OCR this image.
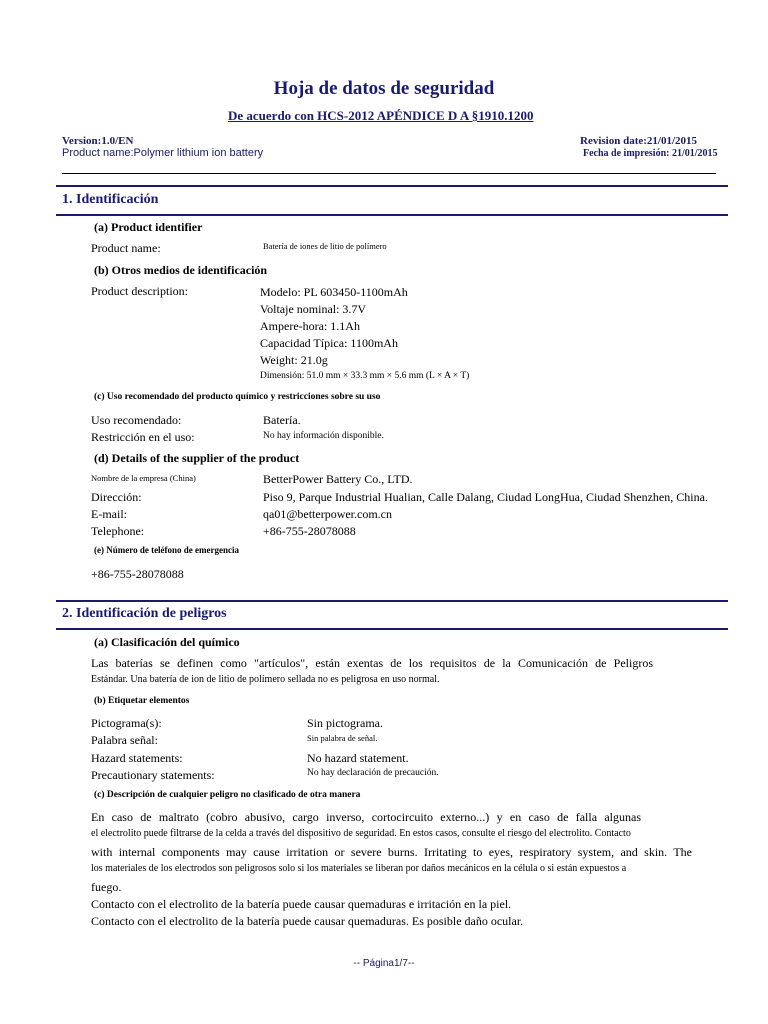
Hoja de datos de seguridad
De acuerdo con HCS-2012 APÉNDICE D A §1910.1200
Version:1.0/EN
Product name:Polymer lithium ion battery
Revision date:21/01/2015
Fecha de impresión: 21/01/2015
1. Identificación
(a) Product identifier
Product name:	Batería de iones de litio de polímero
(b) Otros medios de identificación
Product description:	Modelo: PL 603450-1100mAh
Voltaje nominal: 3.7V
Ampere-hora: 1.1Ah
Capacidad Típica: 1100mAh
Weight: 21.0g
Dimensión: 51.0 mm × 33.3 mm × 5.6 mm (L × A × T)
(c) Uso recomendado del producto químico y restricciones sobre su uso
Uso recomendado:	Batería.
Restricción en el uso:	No hay información disponible.
(d) Details of the supplier of the product
Nombre de la empresa (China)	BetterPower Battery Co., LTD.
Dirección:	Piso 9, Parque Industrial Hualian, Calle Dalang, Ciudad LongHua, Ciudad Shenzhen, China.
E-mail:	qa01@betterpower.com.cn
Telephone:	+86-755-28078088
(e) Número de teléfono de emergencia
+86-755-28078088
2. Identificación de peligros
(a) Clasificación del químico
Las baterías se definen como "artículos", están exentas de los requisitos de la Comunicación de Peligros
Estándar. Una batería de ion de litio de polímero sellada no es peligrosa en uso normal.
(b) Etiquetar elementos
Pictograma(s):	Sin pictograma.
Palabra señal:	Sin palabra de señal.
Hazard statements:	No hazard statement.
Precautionary statements:	No hay declaración de precaución.
(c) Descripción de cualquier peligro no clasificado de otra manera
En caso de maltrato (cobro abusivo, cargo inverso, cortocircuito externo...) y en caso de falla algunas
el electrolito puede filtrarse de la celda a través del dispositivo de seguridad. En estos casos, consulte el riesgo del electrolito. Contacto
with internal components may cause irritation or severe burns. Irritating to eyes, respiratory system, and skin. The
los materiales de los electrodos son peligrosos solo si los materiales se liberan por daños mecánicos en la célula o si están expuestos a
fuego.
Contacto con el electrolito de la batería puede causar quemaduras e irritación en la piel.
Contacto con el electrolito de la batería puede causar quemaduras. Es posible daño ocular.
-- Página1/7--
